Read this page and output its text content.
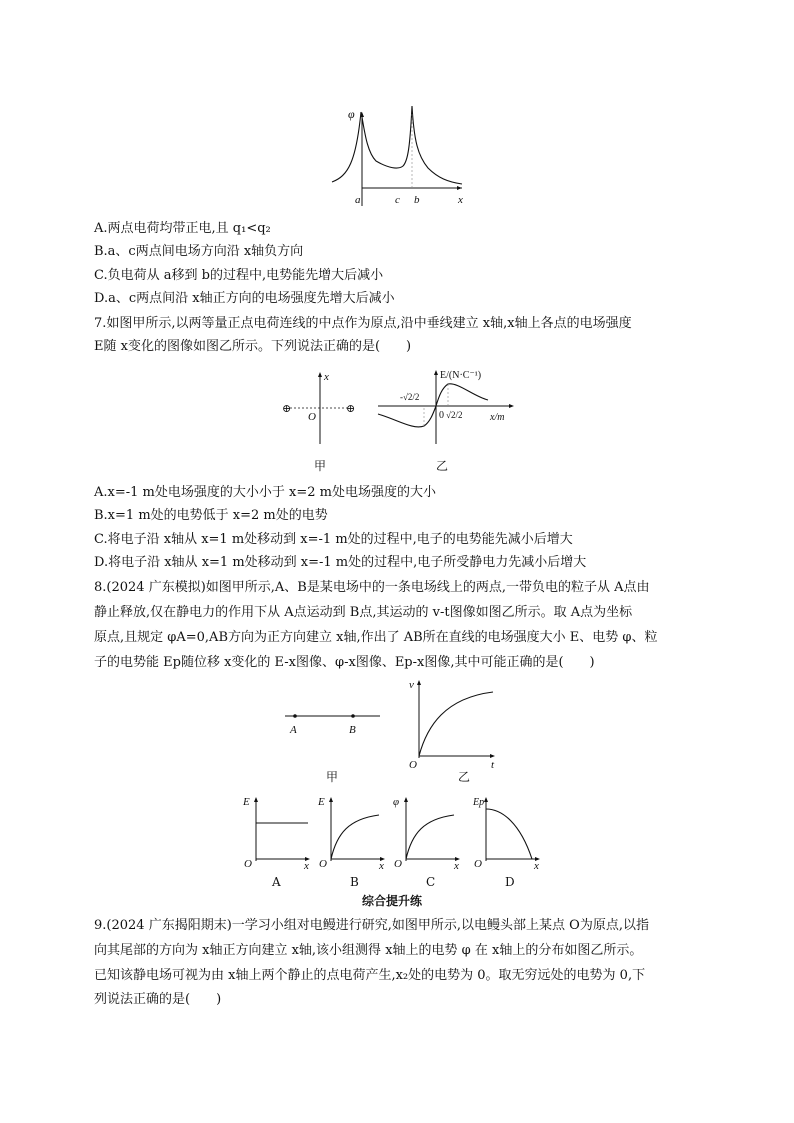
φ
a	c b	x
A.两点电荷均带正电,且 q₁<q₂
B.a、c两点间电场方向沿 x轴负方向
C.负电荷从 a移到 b的过程中,电势能先增大后减小
D.a、c两点间沿 x轴正方向的电场强度先增大后减小
7.如图甲所示,以两等量正点电荷连线的中点作为原点,沿中垂线建立 x轴,x轴上各点的电场强度
E随 x变化的图像如图乙所示。下列说法正确的是(　　)
x
O
⊕	⊕
甲
E/(N·C⁻¹)
-√2/2
0 √2/2	x/m
乙
A.x=-1 m处电场强度的大小小于 x=2 m处电场强度的大小
B.x=1 m处的电势低于 x=2 m处的电势
C.将电子沿 x轴从 x=1 m处移动到 x=-1 m处的过程中,电子的电势能先减小后增大
D.将电子沿 x轴从 x=1 m处移动到 x=-1 m处的过程中,电子所受静电力先减小后增大
8.(2024 广东模拟)如图甲所示,A、B是某电场中的一条电场线上的两点,一带负电的粒子从 A点由
静止释放,仅在静电力的作用下从 A点运动到 B点,其运动的 v-t图像如图乙所示。取 A点为坐标
原点,且规定 φA=0,AB方向为正方向建立 x轴,作出了 AB所在直线的电场强度大小 E、电势 φ、粒
子的电势能 Ep随位移 x变化的 E-x图像、φ-x图像、Ep-x图像,其中可能正确的是(　　)
A	B
甲
v
O	t
乙
E
O	x
A
E
O	x
B
φ
O	x
C
Ep
O	x
D
综合提升练
9.(2024 广东揭阳期末)一学习小组对电鳗进行研究,如图甲所示,以电鳗头部上某点 O为原点,以指
向其尾部的方向为 x轴正方向建立 x轴,该小组测得 x轴上的电势 φ 在 x轴上的分布如图乙所示。
已知该静电场可视为由 x轴上两个静止的点电荷产生,x₂处的电势为 0。取无穷远处的电势为 0,下
列说法正确的是(　　)
